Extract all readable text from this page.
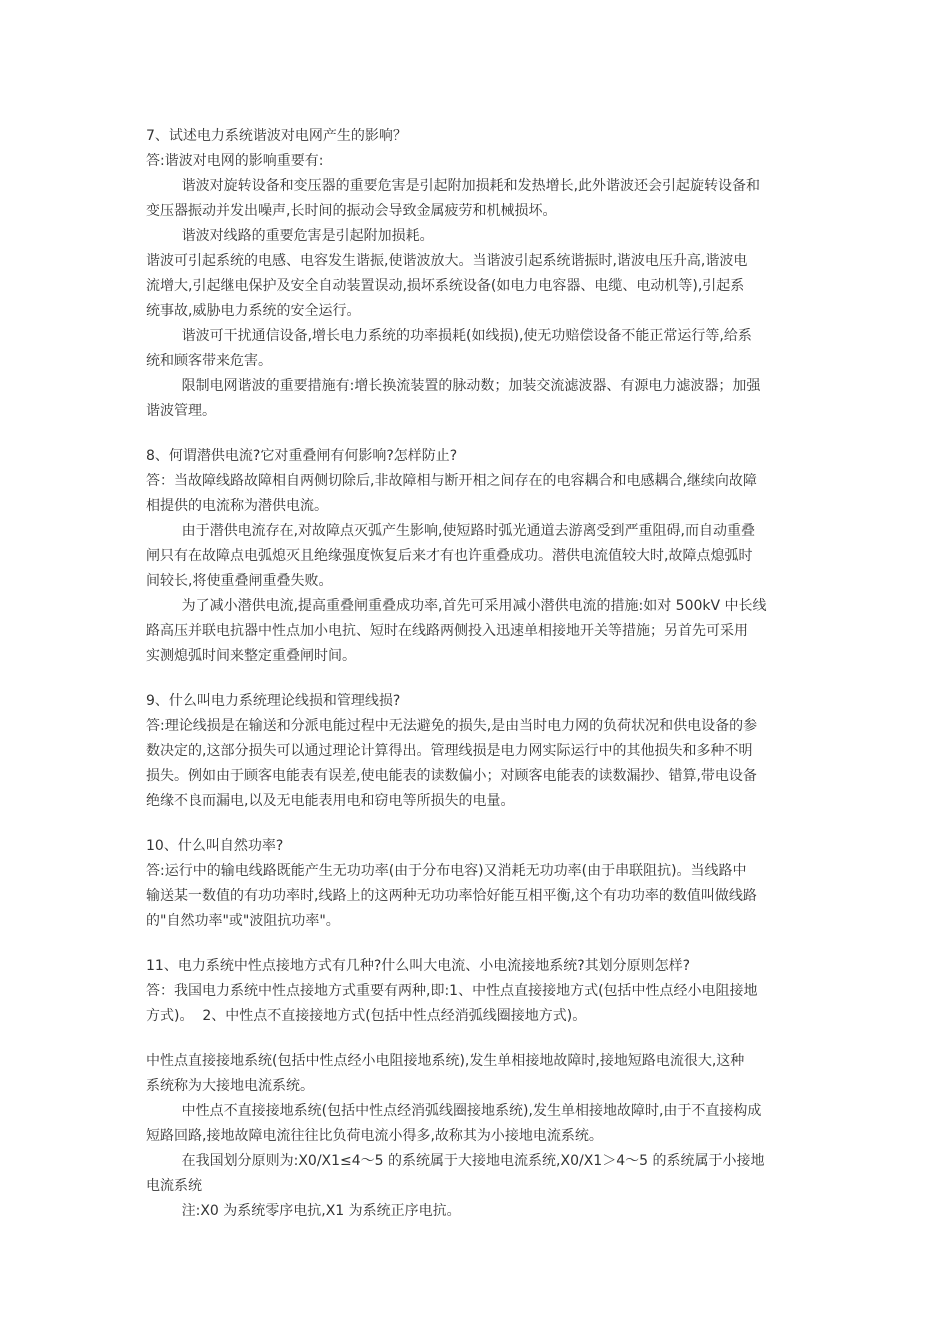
7、试述电力系统谐波对电网产生的影响？
答:谐波对电网的影响重要有:
谐波对旋转设备和变压器的重要危害是引起附加损耗和发热增长,此外谐波还会引起旋转设备和
变压器振动并发出噪声,长时间的振动会导致金属疲劳和机械损坏。
谐波对线路的重要危害是引起附加损耗。
谐波可引起系统的电感、电容发生谐振,使谐波放大。当谐波引起系统谐振时,谐波电压升高,谐波电
流增大,引起继电保护及安全自动装置误动,损坏系统设备(如电力电容器、电缆、电动机等),引起系
统事故,威胁电力系统的安全运行。
谐波可干扰通信设备,增长电力系统的功率损耗(如线损),使无功赔偿设备不能正常运行等,给系
统和顾客带来危害。
限制电网谐波的重要措施有:增长换流装置的脉动数；加装交流滤波器、有源电力滤波器；加强
谐波管理。
8、何谓潜供电流?它对重叠闸有何影响?怎样防止?
答：当故障线路故障相自两侧切除后,非故障相与断开相之间存在的电容耦合和电感耦合,继续向故障
相提供的电流称为潜供电流。
由于潜供电流存在,对故障点灭弧产生影响,使短路时弧光通道去游离受到严重阻碍,而自动重叠
闸只有在故障点电弧熄灭且绝缘强度恢复后来才有也许重叠成功。潜供电流值较大时,故障点熄弧时
间较长,将使重叠闸重叠失败。
为了减小潜供电流,提高重叠闸重叠成功率,首先可采用减小潜供电流的措施:如对 500kV 中长线
路高压并联电抗器中性点加小电抗、短时在线路两侧投入迅速单相接地开关等措施；另首先可采用
实测熄弧时间来整定重叠闸时间。
9、什么叫电力系统理论线损和管理线损?
答:理论线损是在输送和分派电能过程中无法避免的损失,是由当时电力网的负荷状况和供电设备的参
数决定的,这部分损失可以通过理论计算得出。管理线损是电力网实际运行中的其他损失和多种不明
损失。例如由于顾客电能表有误差,使电能表的读数偏小；对顾客电能表的读数漏抄、错算,带电设备
绝缘不良而漏电,以及无电能表用电和窃电等所损失的电量。
10、什么叫自然功率?
答:运行中的输电线路既能产生无功功率(由于分布电容)又消耗无功功率(由于串联阻抗)。当线路中
输送某一数值的有功功率时,线路上的这两种无功功率恰好能互相平衡,这个有功功率的数值叫做线路
的"自然功率"或"波阻抗功率"。
11、电力系统中性点接地方式有几种?什么叫大电流、小电流接地系统?其划分原则怎样?
答：我国电力系统中性点接地方式重要有两种,即:1、中性点直接接地方式(包括中性点经小电阻接地
方式)。  2、中性点不直接接地方式(包括中性点经消弧线圈接地方式)。
中性点直接接地系统(包括中性点经小电阻接地系统),发生单相接地故障时,接地短路电流很大,这种
系统称为大接地电流系统。
中性点不直接接地系统(包括中性点经消弧线圈接地系统),发生单相接地故障时,由于不直接构成
短路回路,接地故障电流往往比负荷电流小得多,故称其为小接地电流系统。
在我国划分原则为:X0/X1≤4～5 的系统属于大接地电流系统,X0/X1＞4～5 的系统属于小接地
电流系统
注:X0 为系统零序电抗,X1 为系统正序电抗。
